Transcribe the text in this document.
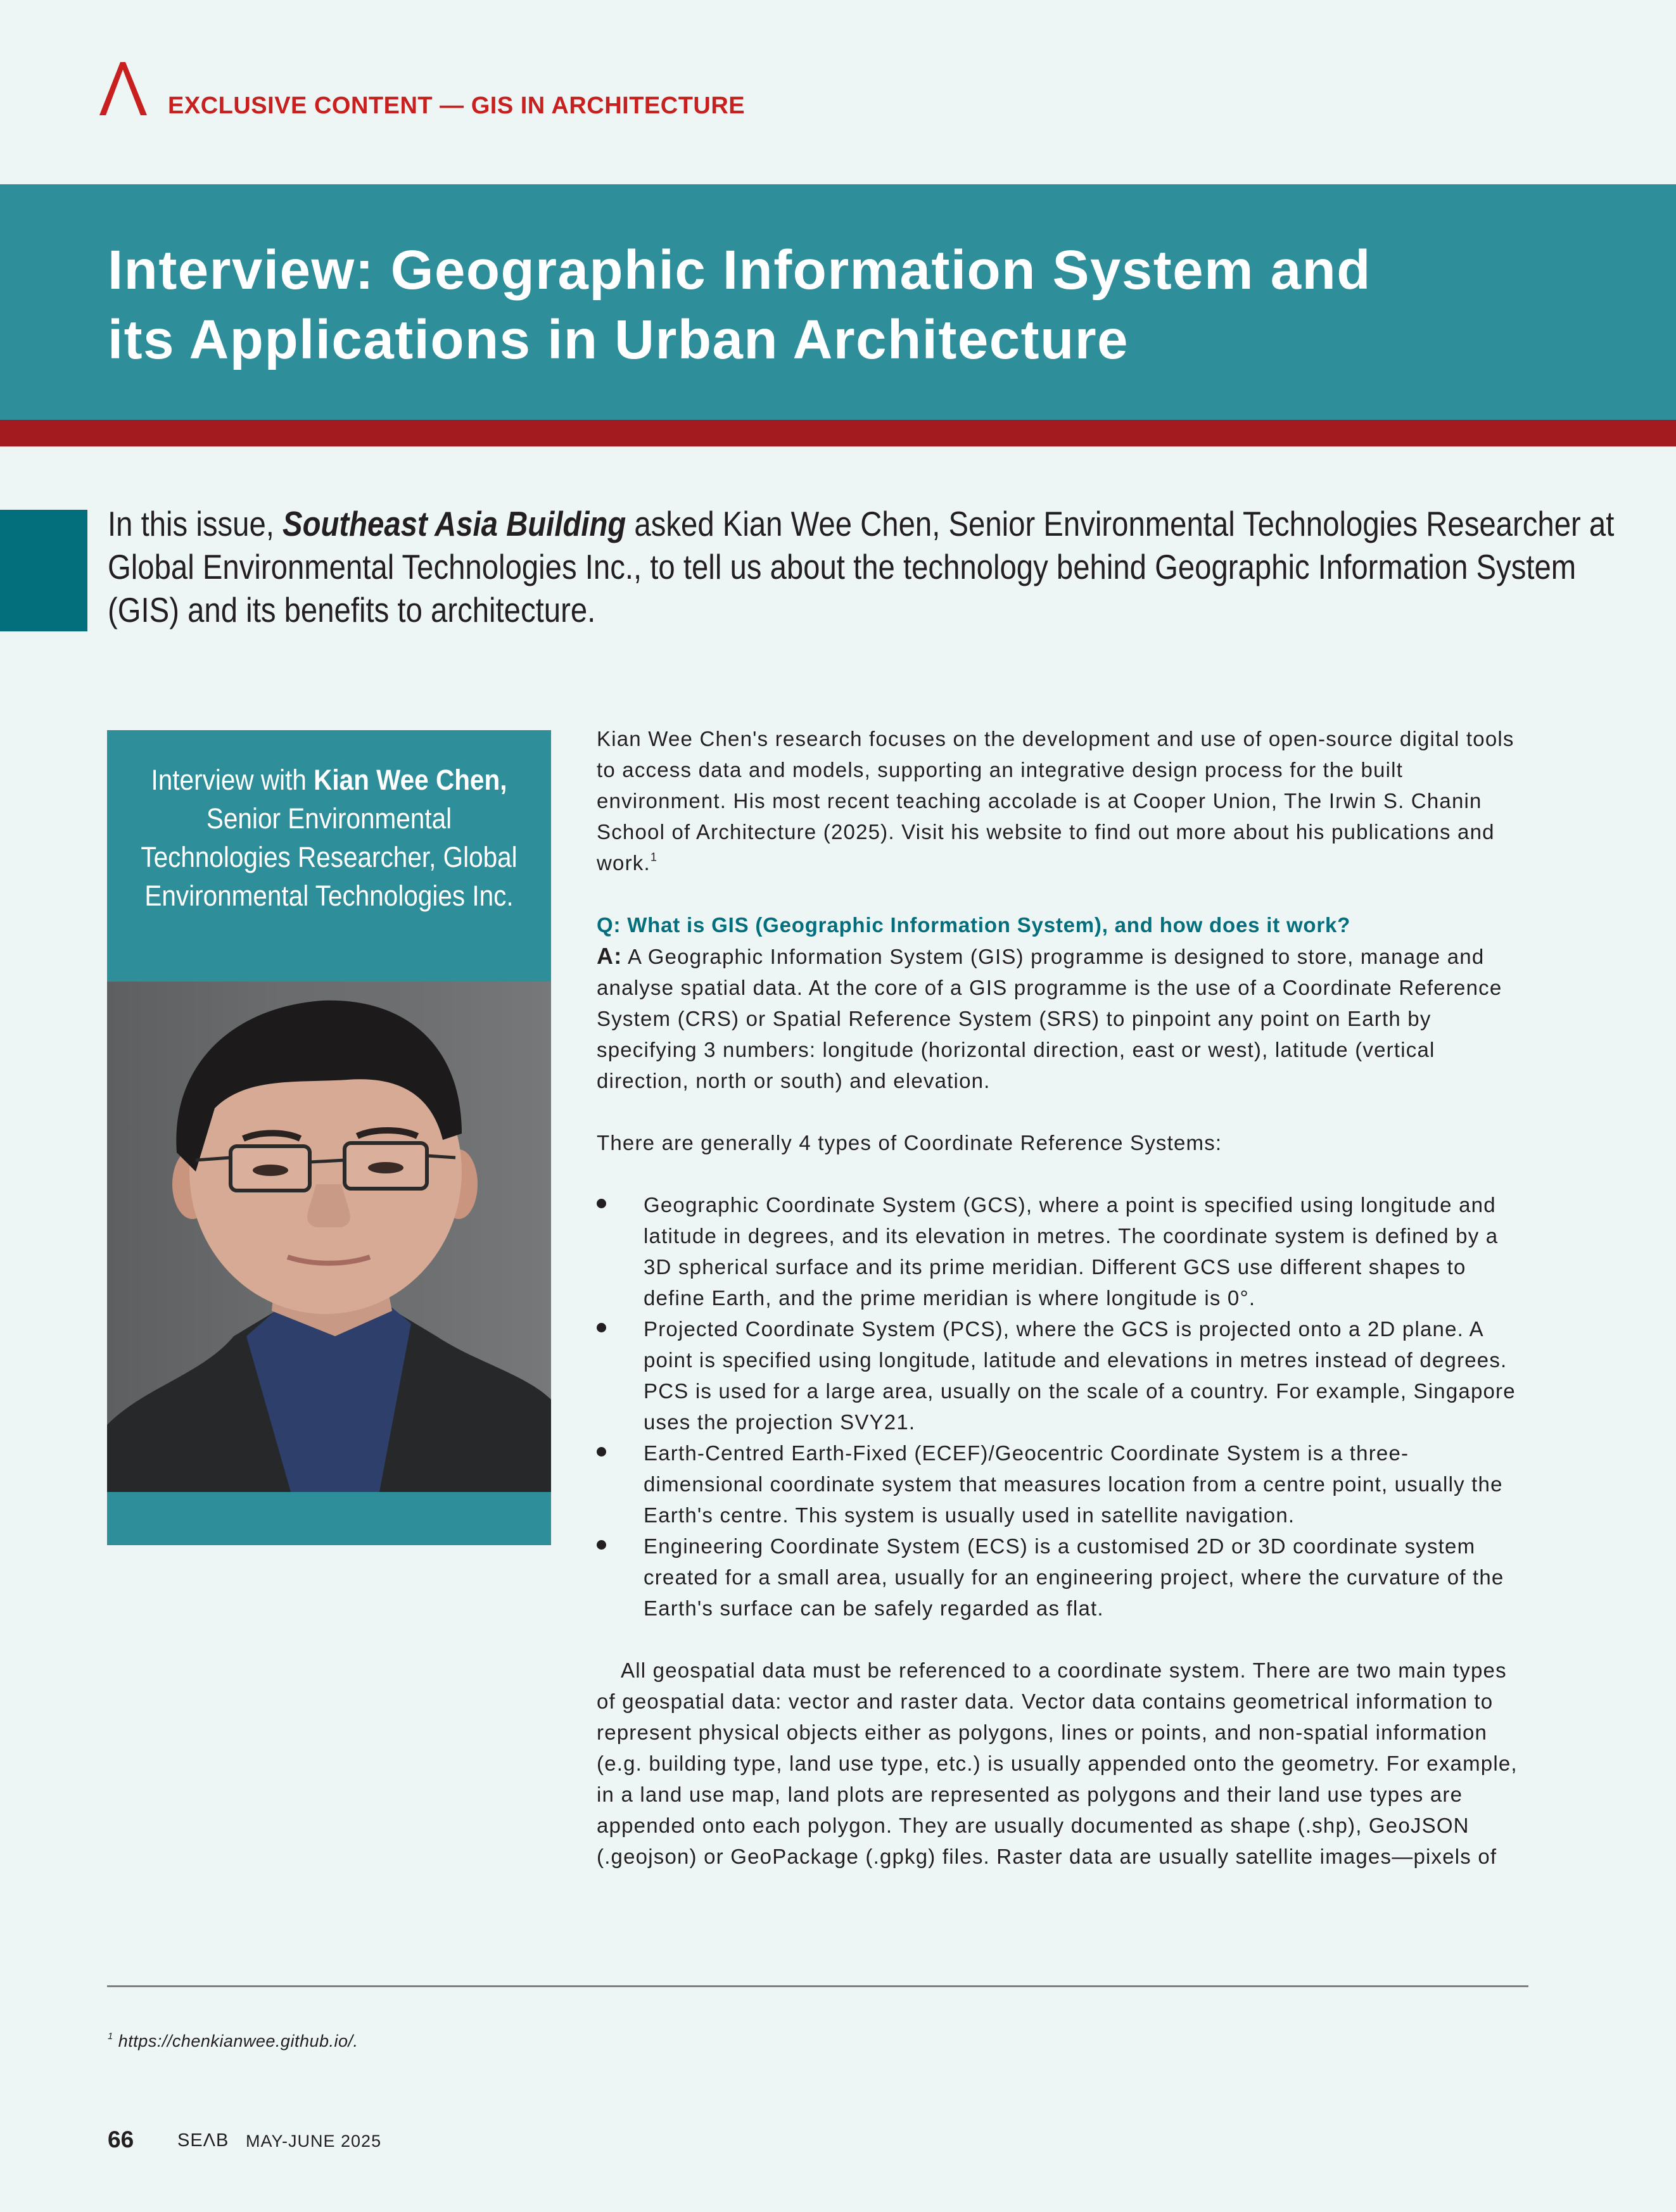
EXCLUSIVE CONTENT — GIS IN ARCHITECTURE
Interview: Geographic Information System and
its Applications in Urban Architecture
In this issue, Southeast Asia Building asked Kian Wee Chen, Senior Environmental Technologies Researcher at Global Environmental Technologies Inc., to tell us about the technology behind Geographic Information System (GIS) and its benefits to architecture.
Interview with Kian Wee Chen, Senior Environmental Technologies Researcher, Global Environmental Technologies Inc.

Kian Wee Chen's research focuses on the development and use of open-source digital tools to access data and models, supporting an integrative design process for the built environment. His most recent teaching accolade is at Cooper Union, The Irwin S. Chanin School of Architecture (2025). Visit his website to find out more about his publications and work.$^1$

Q: What is GIS (Geographic Information System), and how does it work?

A: A Geographic Information System (GIS) programme is designed to store, manage and analyse spatial data. At the core of a GIS programme is the use of a Coordinate Reference System (CRS) or Spatial Reference System (SRS) to pinpoint any point on Earth by specifying 3 numbers: longitude (horizontal direction, east or west), latitude (vertical direction, north or south) and elevation.

There are generally 4 types of Coordinate Reference Systems:

Geographic Coordinate System (GCS), where a point is specified using longitude and latitude in degrees, and its elevation in metres. The coordinate system is defined by a 3D spherical surface and its prime meridian. Different GCS use different shapes to define Earth, and the prime meridian is where longitude is 0°.
Projected Coordinate System (PCS), where the GCS is projected onto a 2D plane. A point is specified using longitude, latitude and elevations in metres instead of degrees. PCS is used for a large area, usually on the scale of a country. For example, Singapore uses the projection SVY21.
Earth-Centred Earth-Fixed (ECEF)/Geocentric Coordinate System is a three-dimensional coordinate system that measures location from a centre point, usually the Earth's centre. This system is usually used in satellite navigation.
Engineering Coordinate System (ECS) is a customised 2D or 3D coordinate system created for a small area, usually for an engineering project, where the curvature of the Earth's surface can be safely regarded as flat.

All geospatial data must be referenced to a coordinate system. There are two main types of geospatial data: vector and raster data. Vector data contains geometrical information to represent physical objects either as polygons, lines or points, and non-spatial information (e.g. building type, land use type, etc.) is usually appended onto the geometry. For example, in a land use map, land plots are represented as polygons and their land use types are appended onto each polygon. They are usually documented as shape (.shp), GeoJSON (.geojson) or GeoPackage (.gpkg) files. Raster data are usually satellite images—pixels of

$^1$ https://chenkianwee.github.io/.
66 SEΛB MAY-JUNE 2025
